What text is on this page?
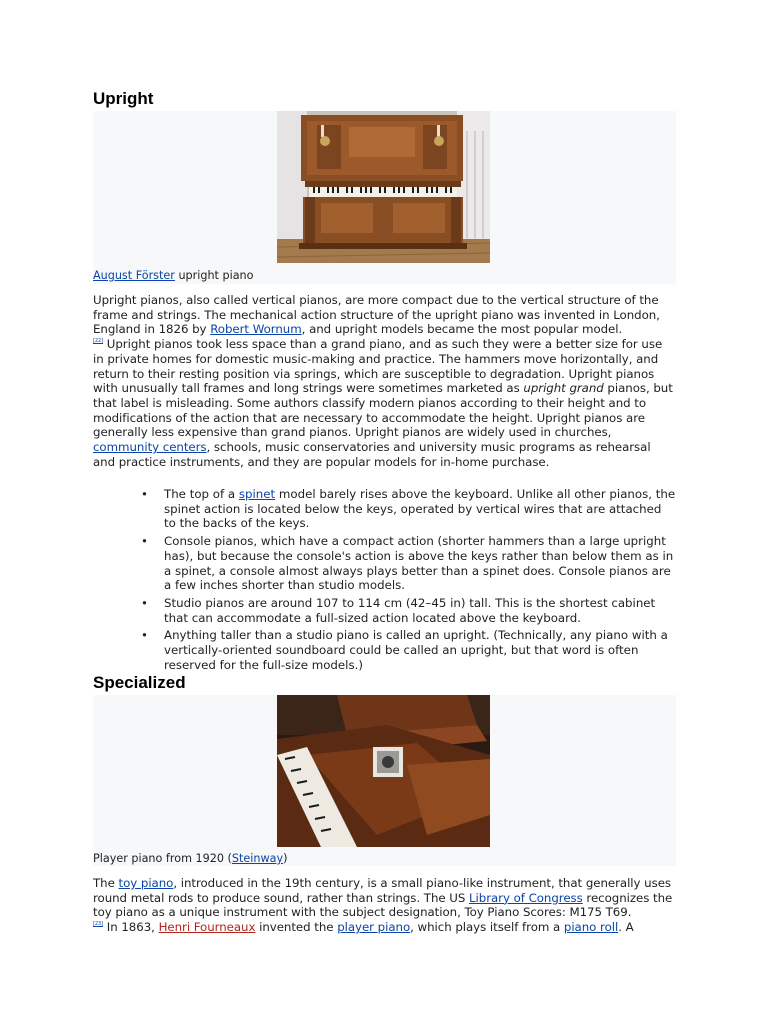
Upright
August Förster upright piano

Upright pianos, also called vertical pianos, are more compact due to the vertical structure of the frame and strings. The mechanical action structure of the upright piano was invented in London, England in 1826 by Robert Wornum, and upright models became the most popular model.
[22] Upright pianos took less space than a grand piano, and as such they were a better size for use in private homes for domestic music-making and practice. The hammers move horizontally, and return to their resting position via springs, which are susceptible to degradation. Upright pianos with unusually tall frames and long strings were sometimes marketed as upright grand pianos, but that label is misleading. Some authors classify modern pianos according to their height and to modifications of the action that are necessary to accommodate the height. Upright pianos are generally less expensive than grand pianos. Upright pianos are widely used in churches, community centers, schools, music conservatories and university music programs as rehearsal and practice instruments, and they are popular models for in-home purchase.

• The top of a spinet model barely rises above the keyboard. Unlike all other pianos, the spinet action is located below the keys, operated by vertical wires that are attached to the backs of the keys.
• Console pianos, which have a compact action (shorter hammers than a large upright has), but because the console's action is above the keys rather than below them as in a spinet, a console almost always plays better than a spinet does. Console pianos are a few inches shorter than studio models.
• Studio pianos are around 107 to 114 cm (42–45 in) tall. This is the shortest cabinet that can accommodate a full-sized action located above the keyboard.
• Anything taller than a studio piano is called an upright. (Technically, any piano with a vertically-oriented soundboard could be called an upright, but that word is often reserved for the full-size models.)
Specialized
Player piano from 1920 (Steinway)

The toy piano, introduced in the 19th century, is a small piano-like instrument, that generally uses round metal rods to produce sound, rather than strings. The US Library of Congress recognizes the toy piano as a unique instrument with the subject designation, Toy Piano Scores: M175 T69.
[23] In 1863, Henri Fourneaux invented the player piano, which plays itself from a piano roll. A
